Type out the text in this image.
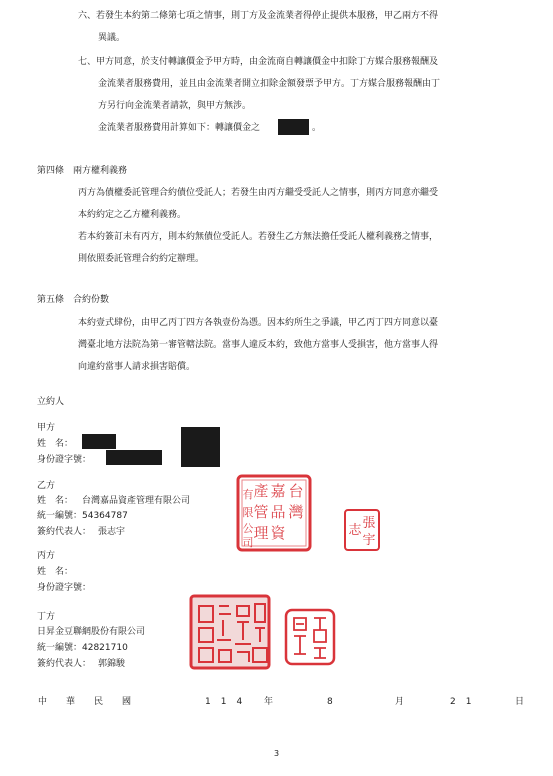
六、若發生本約第二條第七項之情事，則丁方及金流業者得停止提供本服務，甲乙兩方不得
異議。
七、甲方同意，於支付轉讓價金予甲方時，由金流商自轉讓價金中扣除丁方媒合服務報酬及
金流業者服務費用，並且由金流業者開立扣除金額發票予甲方。丁方媒合服務報酬由丁
方另行向金流業者請款，與甲方無涉。
金流業者服務費用計算如下：轉讓價金之	。
第四條　兩方權利義務
丙方為債權委託管理合約債位受託人；若發生由丙方繼受受託人之情事，則丙方同意亦繼受
本約約定之乙方權利義務。
若本約簽訂未有丙方，則本約無債位受託人。若發生乙方無法擔任受託人權利義務之情事，
則依照委託管理合約約定辦理。
第五條　合約份數
本約壹式肆份，由甲乙丙丁四方各執壹份為憑。因本約所生之爭議，甲乙丙丁四方同意以臺
灣臺北地方法院為第一審管轄法院。當事人違反本約，致他方當事人受損害，他方當事人得
向違約當事人請求損害賠償。
立約人
甲方
姓　名：
身份證字號：
乙方
姓　名： 台灣嘉品資產管理有限公司
統一編號： 54364787
簽約代表人： 張志宇
台
灣
嘉
品
資
產
管
理
有
限
公
司
張
宇
志
丙方
姓　名：
身份證字號：
丁方
日昇金豆聯網股份有限公司
統一編號： 42821710
簽約代表人： 郭錦駿
中 華 民 國	114 年	8	月	21	日
3
